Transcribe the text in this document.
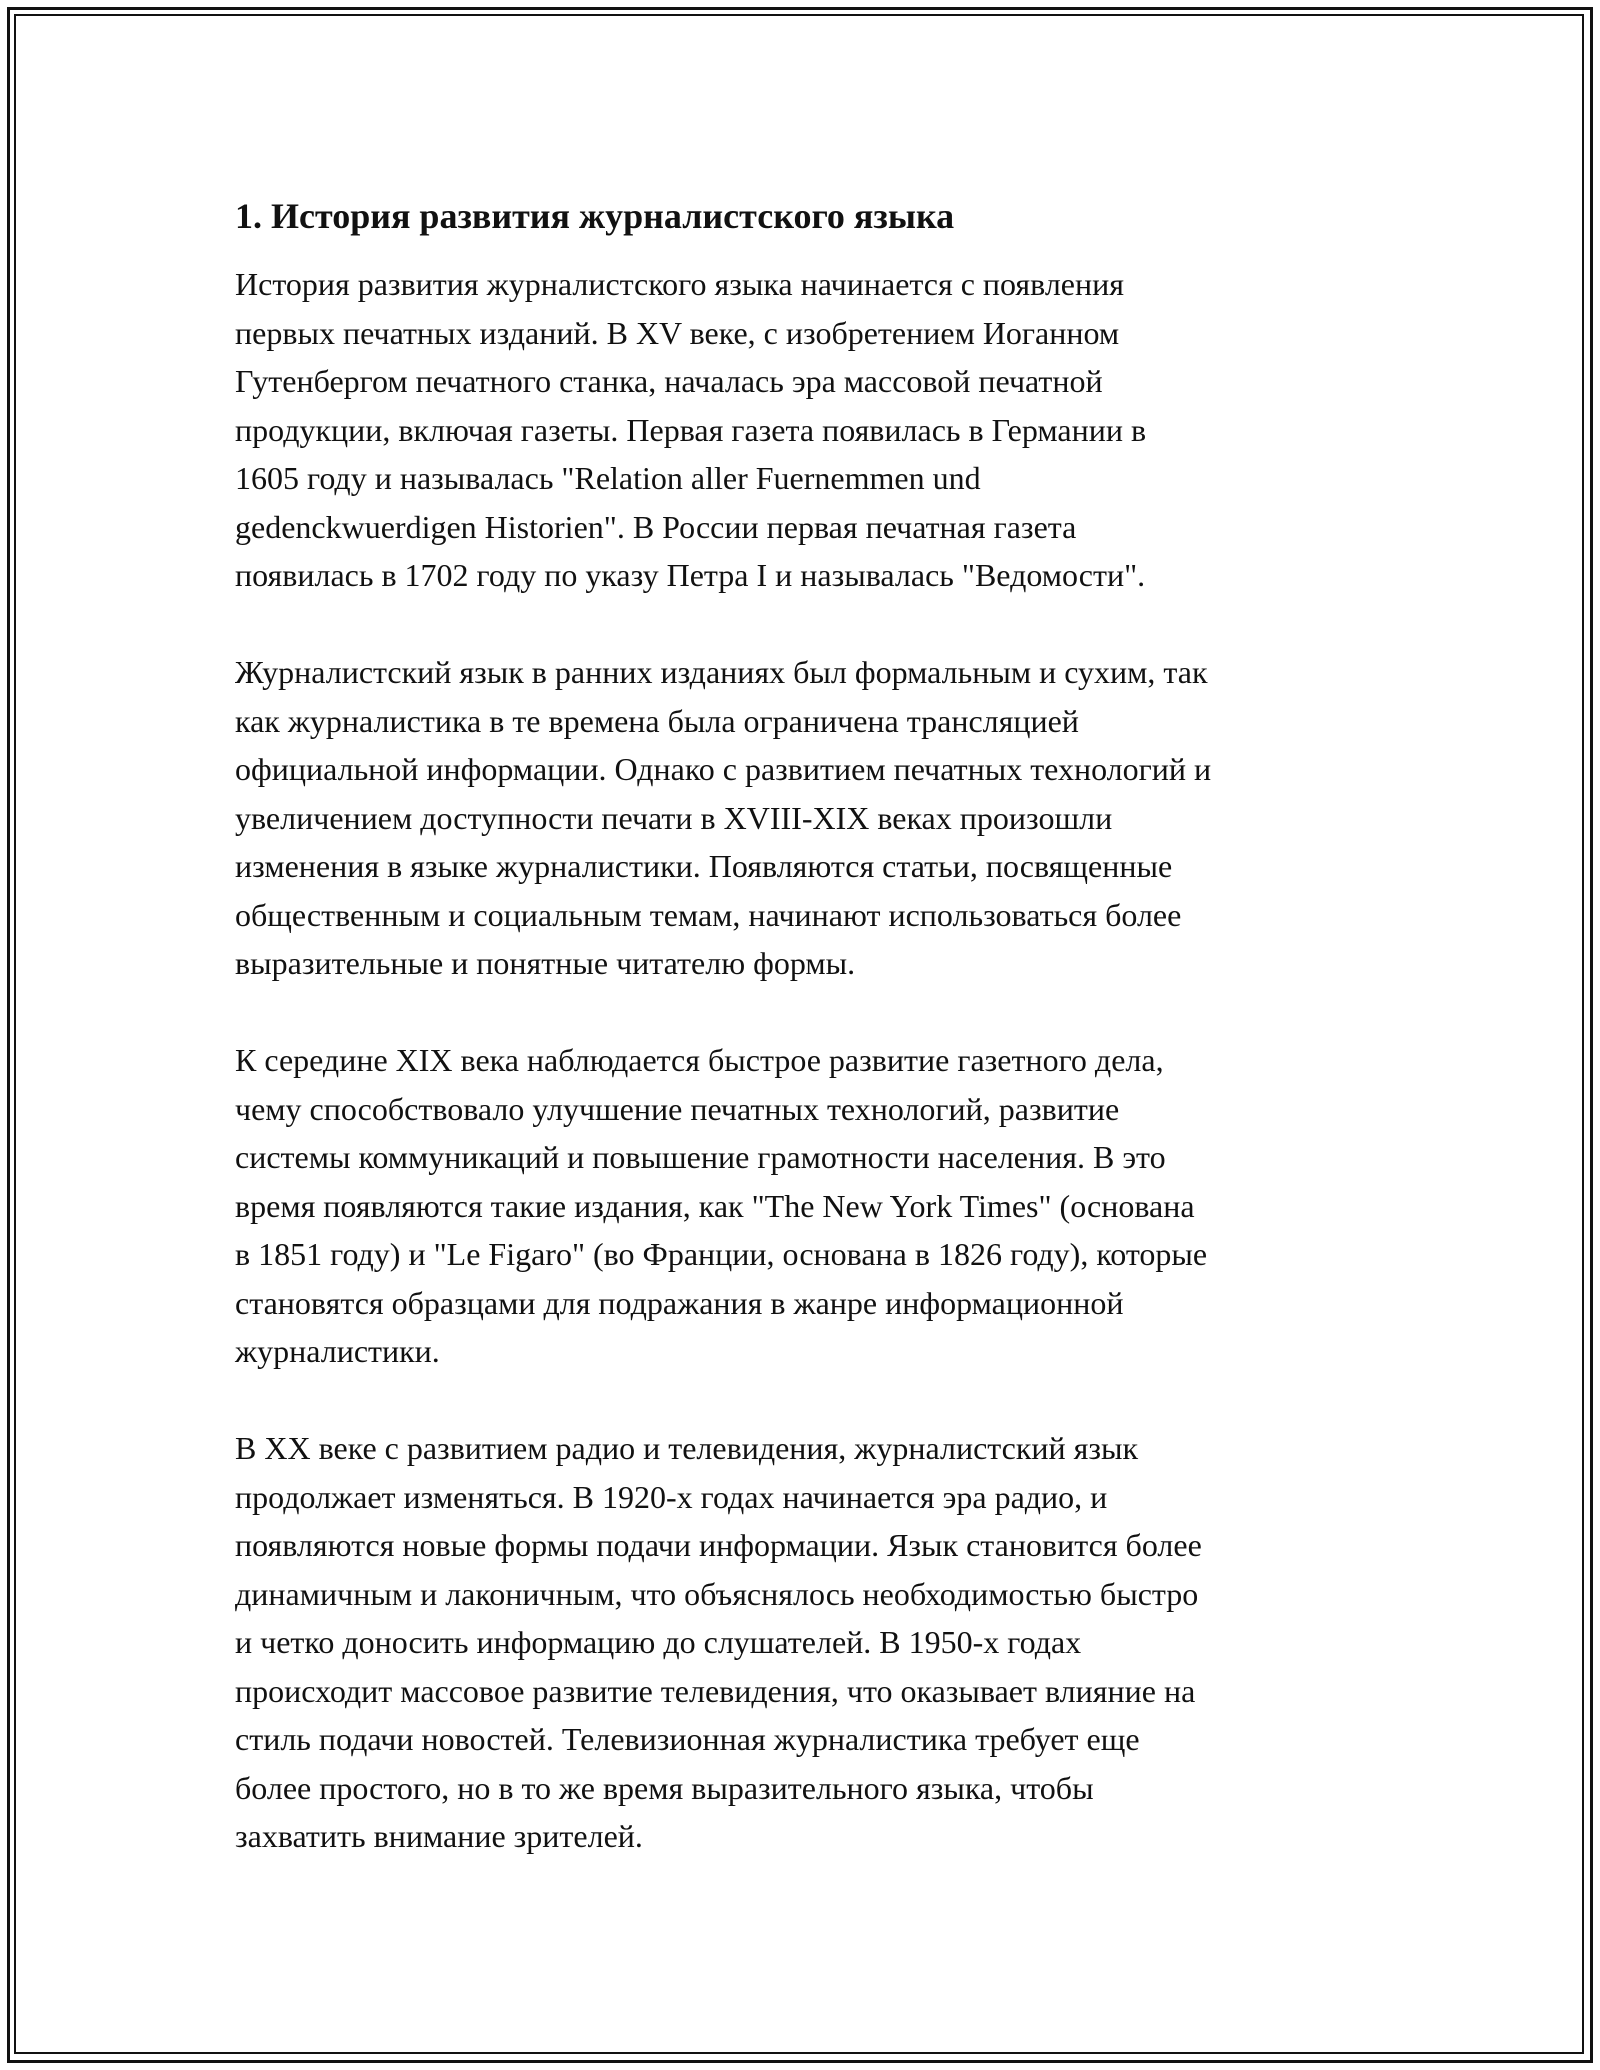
1. История развития журналистского языка

История развития журналистского языка начинается с появления
первых печатных изданий. В XV веке, с изобретением Иоганном
Гутенбергом печатного станка, началась эра массовой печатной
продукции, включая газеты. Первая газета появилась в Германии в
1605 году и называлась "Relation aller Fuernemmen und
gedenckwuerdigen Historien". В России первая печатная газета
появилась в 1702 году по указу Петра I и называлась "Ведомости".

Журналистский язык в ранних изданиях был формальным и сухим, так
как журналистика в те времена была ограничена трансляцией
официальной информации. Однако с развитием печатных технологий и
увеличением доступности печати в XVIII-XIX веках произошли
изменения в языке журналистики. Появляются статьи, посвященные
общественным и социальным темам, начинают использоваться более
выразительные и понятные читателю формы.

К середине XIX века наблюдается быстрое развитие газетного дела,
чему способствовало улучшение печатных технологий, развитие
системы коммуникаций и повышение грамотности населения. В это
время появляются такие издания, как "The New York Times" (основана
в 1851 году) и "Le Figaro" (во Франции, основана в 1826 году), которые
становятся образцами для подражания в жанре информационной
журналистики.

В XX веке с развитием радио и телевидения, журналистский язык
продолжает изменяться. В 1920-х годах начинается эра радио, и
появляются новые формы подачи информации. Язык становится более
динамичным и лаконичным, что объяснялось необходимостью быстро
и четко доносить информацию до слушателей. В 1950-х годах
происходит массовое развитие телевидения, что оказывает влияние на
стиль подачи новостей. Телевизионная журналистика требует еще
более простого, но в то же время выразительного языка, чтобы
захватить внимание зрителей.
